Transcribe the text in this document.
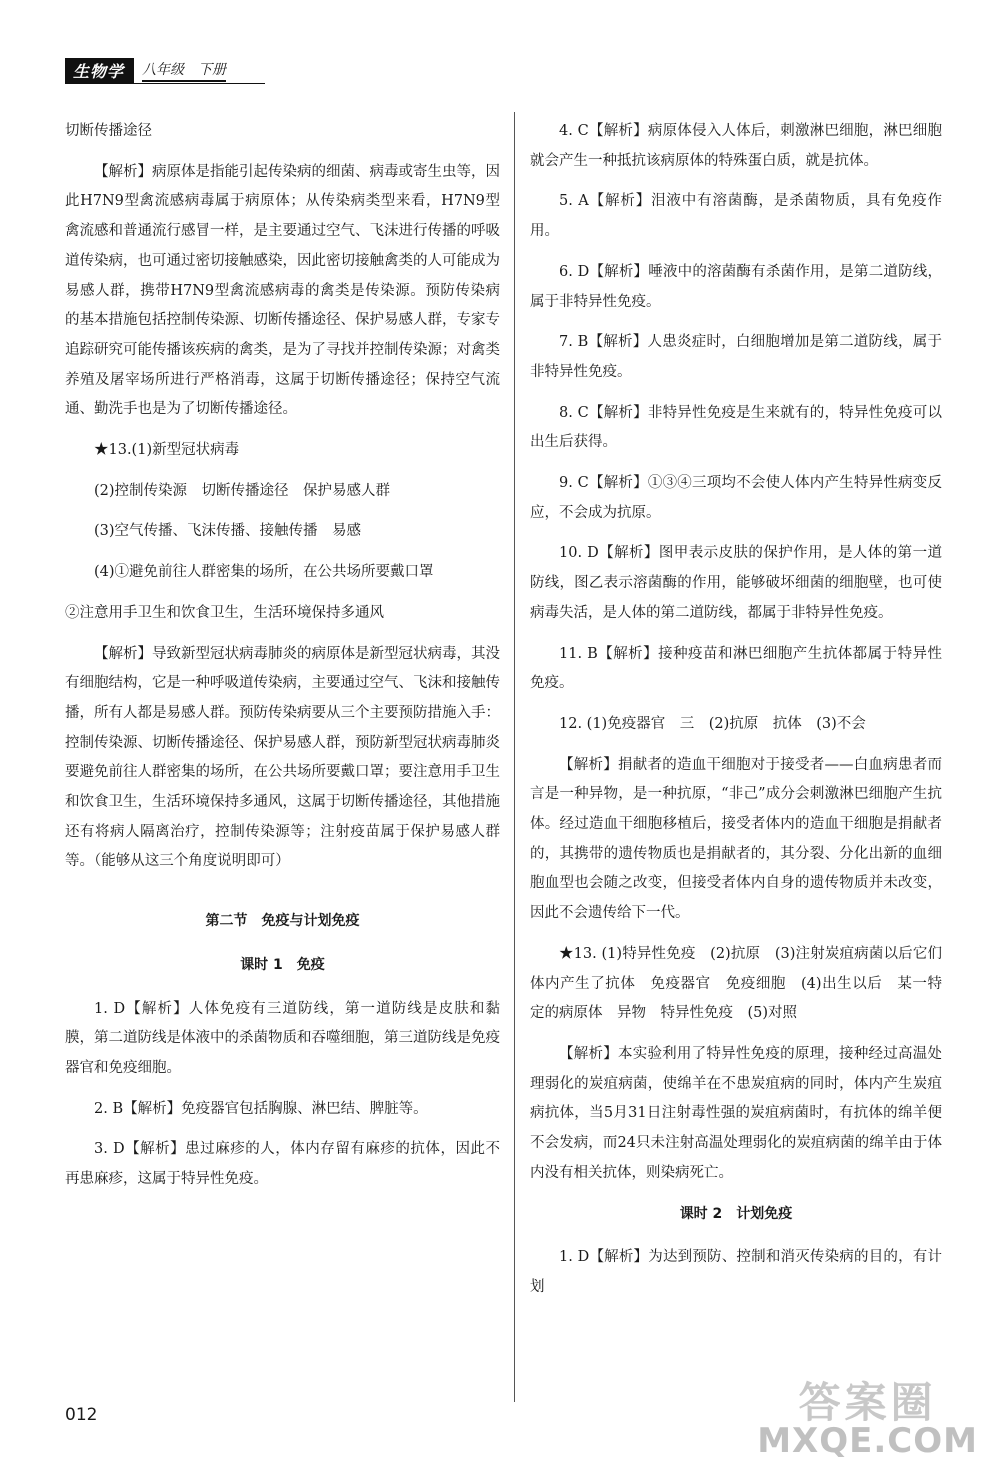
生物学	八年级　下册

切断传播途径

【解析】病原体是指能引起传染病的细菌、病毒或寄生虫等，因此H7N9型禽流感病毒属于病原体；从传染病类型来看，H7N9型禽流感和普通流行感冒一样，是主要通过空气、飞沫进行传播的呼吸道传染病，也可通过密切接触感染，因此密切接触禽类的人可能成为易感人群，携带H7N9型禽流感病毒的禽类是传染源。预防传染病的基本措施包括控制传染源、切断传播途径、保护易感人群，专家专追踪研究可能传播该疾病的禽类，是为了寻找并控制传染源；对禽类养殖及屠宰场所进行严格消毒，这属于切断传播途径；保持空气流通、勤洗手也是为了切断传播途径。

★13.(1)新型冠状病毒

(2)控制传染源　切断传播途径　保护易感人群

(3)空气传播、飞沫传播、接触传播　易感

(4)①避免前往人群密集的场所，在公共场所要戴口罩

②注意用手卫生和饮食卫生，生活环境保持多通风

【解析】导致新型冠状病毒肺炎的病原体是新型冠状病毒，其没有细胞结构，它是一种呼吸道传染病，主要通过空气、飞沫和接触传播，所有人都是易感人群。预防传染病要从三个主要预防措施入手：控制传染源、切断传播途径、保护易感人群，预防新型冠状病毒肺炎要避免前往人群密集的场所，在公共场所要戴口罩；要注意用手卫生和饮食卫生，生活环境保持多通风，这属于切断传播途径，其他措施还有将病人隔离治疗，控制传染源等；注射疫苗属于保护易感人群等。（能够从这三个角度说明即可）

第二节　免疫与计划免疫

课时 1　免疫

1. D【解析】人体免疫有三道防线，第一道防线是皮肤和黏膜，第二道防线是体液中的杀菌物质和吞噬细胞，第三道防线是免疫器官和免疫细胞。

2. B【解析】免疫器官包括胸腺、淋巴结、脾脏等。

3. D【解析】患过麻疹的人，体内存留有麻疹的抗体，因此不再患麻疹，这属于特异性免疫。

4. C【解析】病原体侵入人体后，刺激淋巴细胞，淋巴细胞就会产生一种抵抗该病原体的特殊蛋白质，就是抗体。

5. A【解析】泪液中有溶菌酶，是杀菌物质，具有免疫作用。

6. D【解析】唾液中的溶菌酶有杀菌作用，是第二道防线，属于非特异性免疫。

7. B【解析】人患炎症时，白细胞增加是第二道防线，属于非特异性免疫。

8. C【解析】非特异性免疫是生来就有的，特异性免疫可以出生后获得。

9. C【解析】①③④三项均不会使人体内产生特异性病变反应，不会成为抗原。

10. D【解析】图甲表示皮肤的保护作用，是人体的第一道防线，图乙表示溶菌酶的作用，能够破坏细菌的细胞壁，也可使病毒失活，是人体的第二道防线，都属于非特异性免疫。

11. B【解析】接种疫苗和淋巴细胞产生抗体都属于特异性免疫。

12. (1)免疫器官　三　(2)抗原　抗体　(3)不会

【解析】捐献者的造血干细胞对于接受者——白血病患者而言是一种异物，是一种抗原，“非己”成分会刺激淋巴细胞产生抗体。经过造血干细胞移植后，接受者体内的造血干细胞是捐献者的，其携带的遗传物质也是捐献者的，其分裂、分化出新的血细胞血型也会随之改变，但接受者体内自身的遗传物质并未改变，因此不会遗传给下一代。

★13. (1)特异性免疫　(2)抗原　(3)注射炭疽病菌以后它们体内产生了抗体　免疫器官　免疫细胞　(4)出生以后　某一特定的病原体　异物　特异性免疫　(5)对照

【解析】本实验利用了特异性免疫的原理，接种经过高温处理弱化的炭疽病菌，使绵羊在不患炭疽病的同时，体内产生炭疽病抗体，当5月31日注射毒性强的炭疽病菌时，有抗体的绵羊便不会发病，而24只未注射高温处理弱化的炭疽病菌的绵羊由于体内没有相关抗体，则染病死亡。

课时 2　计划免疫

1. D【解析】为达到预防、控制和消灭传染病的目的，有计划

012	答案圈
MXQE.COM
